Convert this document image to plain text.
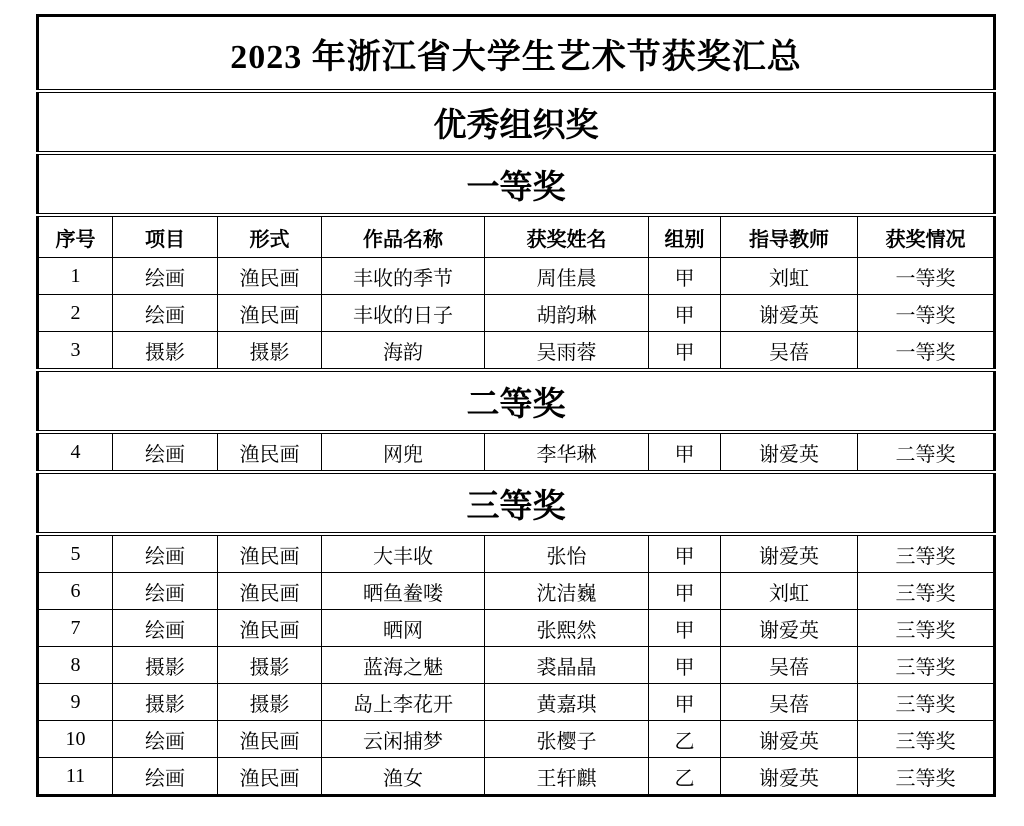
2023 年浙江省大学生艺术节获奖汇总							
优秀组织奖							
一等奖							
序号	项目	形式	作品名称	获奖姓名	组别	指导教师	获奖情况
1	绘画	渔民画	丰收的季节	周佳晨	甲	刘虹	一等奖
2	绘画	渔民画	丰收的日子	胡韵琳	甲	谢爱英	一等奖
3	摄影	摄影	海韵	吴雨蓉	甲	吴蓓	一等奖
二等奖							
4	绘画	渔民画	网兜	李华琳	甲	谢爱英	二等奖
三等奖							
5	绘画	渔民画	大丰收	张怡	甲	谢爱英	三等奖
6	绘画	渔民画	晒鱼鲞喽	沈洁巍	甲	刘虹	三等奖
7	绘画	渔民画	晒网	张熙然	甲	谢爱英	三等奖
8	摄影	摄影	蓝海之魅	裘晶晶	甲	吴蓓	三等奖
9	摄影	摄影	岛上李花开	黄嘉琪	甲	吴蓓	三等奖
10	绘画	渔民画	云闲捕梦	张樱子	乙	谢爱英	三等奖
11	绘画	渔民画	渔女	王轩麒	乙	谢爱英	三等奖
